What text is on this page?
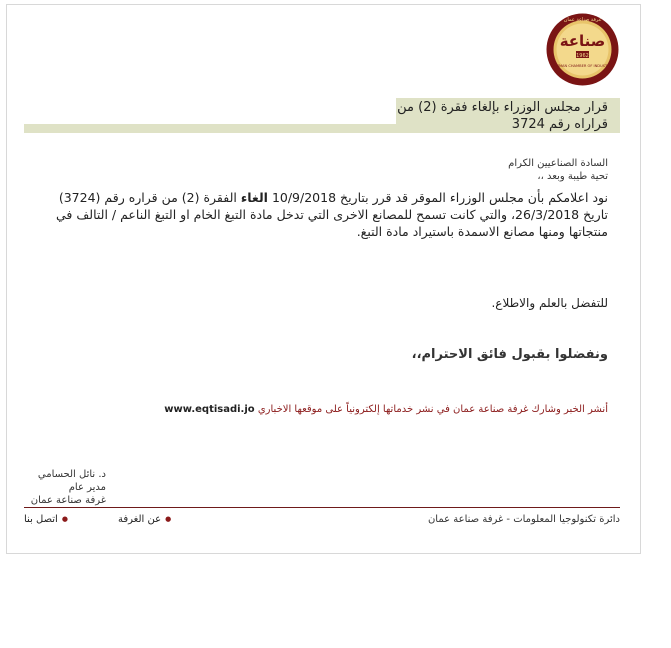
صناعة
1962
غرفة صناعة عمان
AMMAN CHAMBER OF INDUSTRY
قرار مجلس الوزراء بإلغاء فقرة (2) من
قراراه رقم 3724
السادة الصناعيين الكرام
تحية طيبة وبعد ،،
نود اعلامكم بأن مجلس الوزراء الموقر قد قرر بتاريخ 10/9/2018 الغاء الفقرة (2) من قراره رقم (3724) تاريخ 26/3/2018، والتي كانت تسمح للمصانع الاخرى التي تدخل مادة التبغ الخام او التبغ الناعم / التالف في منتجاتها ومنها مصانع الاسمدة باستيراد مادة التبغ.
للتفضل بالعلم والاطلاع.
ونفضلوا بقبول فائق الاحترام،،
أنشر الخبر وشارك غرفة صناعة عمان في نشر خدماتها إلكترونياً على موقعها الاخباري www.eqtisadi.jo
د. نائل الحسامي
مدير عام
غرفة صناعة عمان
دائرة تكنولوجيا المعلومات - غرفة صناعة عمان
●اتصل بنا	●عن الغرفة
